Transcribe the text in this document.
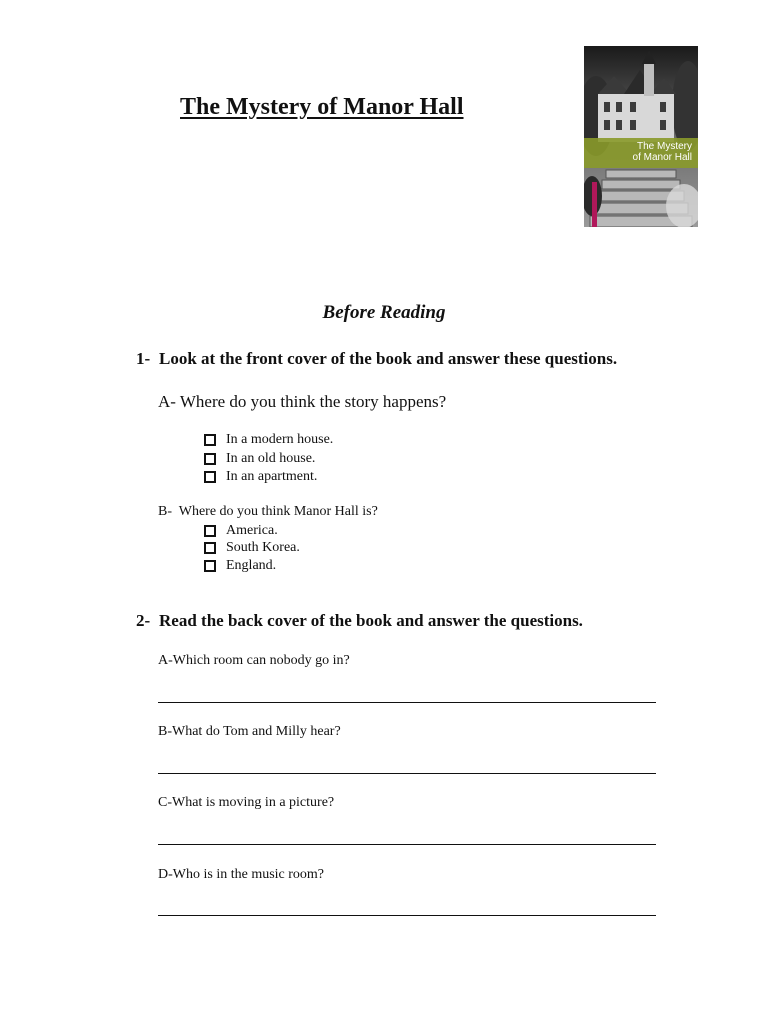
The Mystery of Manor Hall
The Mystery
of Manor Hall
Before Reading
1- Look at the front cover of the book and answer these questions.
A- Where do you think the story happens?
In a modern house.
In an old house.
In an apartment.
B-  Where do you think Manor Hall is?
America.
South Korea.
England.
2- Read the back cover of the book and answer the questions.
A-Which room can nobody go in?
B-What do Tom and Milly hear?
C-What is moving in a picture?
D-Who is in the music room?
